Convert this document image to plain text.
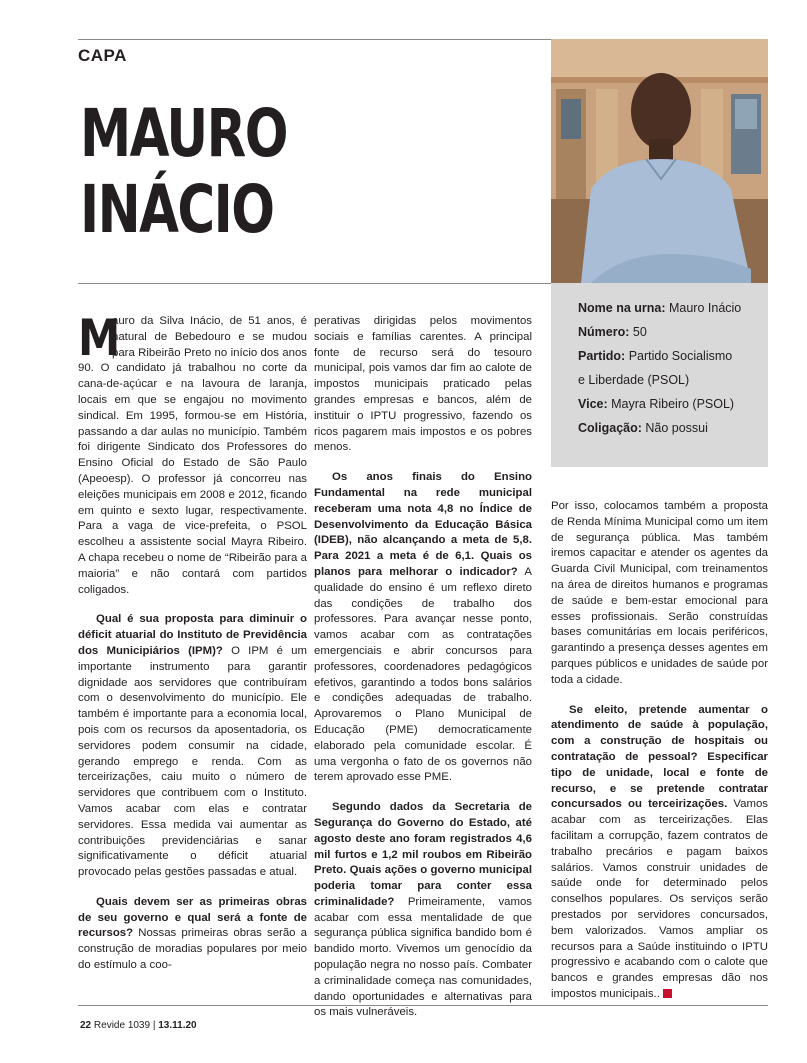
CAPA
MAURO
INÁCIO
Nome na urna: Mauro Inácio
Número: 50
Partido: Partido Socialismo
e Liberdade (PSOL)
Vice: Mayra Ribeiro (PSOL)
Coligação: Não possui

M
auro da Silva Inácio, de 51 anos, é natural de Bebedouro e se mudou para Ribeirão Preto no início dos anos 90. O candidato já trabalhou no corte da cana-de-açúcar e na lavoura de laranja, locais em que se engajou no movimento sindical. Em 1995, formou-se em História, passando a dar aulas no município. Também foi dirigente Sindicato dos Professores do Ensino Oficial do Estado de São Paulo (Apeoesp). O professor já concorreu nas eleições municipais em 2008 e 2012, ficando em quinto e sexto lugar, respectivamente. Para a vaga de vice-prefeita, o PSOL escolheu a assistente social Mayra Ribeiro. A chapa recebeu o nome de “Ribeirão para a maioria” e não contará com partidos coligados.

Qual é sua proposta para diminuir o déficit atuarial do Instituto de Previdência dos Municipiários (IPM)? O IPM é um importante instrumento para garantir dignidade aos servidores que contribuíram com o desenvolvimento do município. Ele também é importante para a economia local, pois com os recursos da aposentadoria, os servidores podem consumir na cidade, gerando emprego e renda. Com as terceirizações, caiu muito o número de servidores que contribuem com o Instituto. Vamos acabar com elas e contratar servidores. Essa medida vai aumentar as contribuições previdenciárias e sanar significativamente o déficit atuarial provocado pelas gestões passadas e atual.

Quais devem ser as primeiras obras de seu governo e qual será a fonte de recursos? Nossas primeiras obras serão a construção de moradias populares por meio do estímulo a coo-

perativas dirigidas pelos movimentos sociais e famílias carentes. A principal fonte de recurso será do tesouro municipal, pois vamos dar fim ao calote de impostos municipais praticado pelas grandes empresas e bancos, além de instituir o IPTU progressivo, fazendo os ricos pagarem mais impostos e os pobres menos.

Os anos finais do Ensino Fundamental na rede municipal receberam uma nota 4,8 no Índice de Desenvolvimento da Educação Básica (IDEB), não alcançando a meta de 5,8. Para 2021 a meta é de 6,1. Quais os planos para melhorar o indicador? A qualidade do ensino é um reflexo direto das condições de trabalho dos professores. Para avançar nesse ponto, vamos acabar com as contratações emergenciais e abrir concursos para professores, coordenadores pedagógicos efetivos, garantindo a todos bons salários e condições adequadas de trabalho. Aprovaremos o Plano Municipal de Educação (PME) democraticamente elaborado pela comunidade escolar. É uma vergonha o fato de os governos não terem aprovado esse PME.

Segundo dados da Secretaria de Segurança do Governo do Estado, até agosto deste ano foram registrados 4,6 mil furtos e 1,2 mil roubos em Ribeirão Preto. Quais ações o governo municipal poderia tomar para conter essa criminalidade? Primeiramente, vamos acabar com essa mentalidade de que segurança pública significa bandido bom é bandido morto. Vivemos um genocídio da população negra no nosso país. Combater a criminalidade começa nas comunidades, dando oportunidades e alternativas para os mais vulneráveis.

Por isso, colocamos também a proposta de Renda Mínima Municipal como um item de segurança pública. Mas também iremos capacitar e atender os agentes da Guarda Civil Municipal, com treinamentos na área de direitos humanos e programas de saúde e bem-estar emocional para esses profissionais. Serão construídas bases comunitárias em locais periféricos, garantindo a presença desses agentes em parques públicos e unidades de saúde por toda a cidade.

Se eleito, pretende aumentar o atendimento de saúde à população, com a construção de hospitais ou contratação de pessoal? Especificar tipo de unidade, local e fonte de recurso, e se pretende contratar concursados ou terceirizações. Vamos acabar com as terceirizações. Elas facilitam a corrupção, fazem contratos de trabalho precários e pagam baixos salários. Vamos construir unidades de saúde onde for determinado pelos conselhos populares. Os serviços serão prestados por servidores concursados, bem valorizados. Vamos ampliar os recursos para a Saúde instituindo o IPTU progressivo e acabando com o calote que bancos e grandes empresas dão nos impostos municipais..	R

22 Revide 1039 | 13.11.20
